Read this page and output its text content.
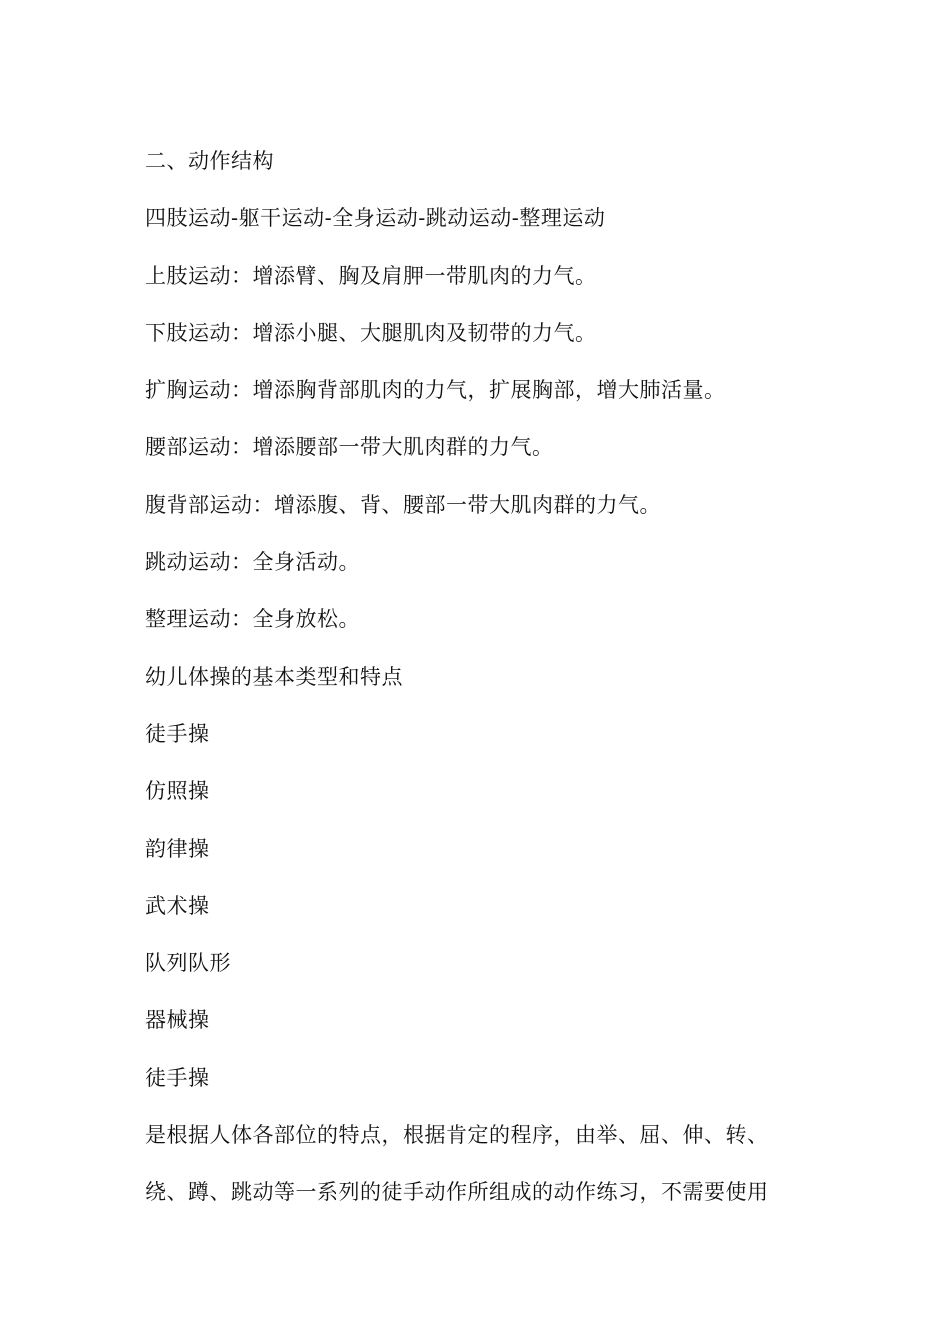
二、动作结构
四肢运动-躯干运动-全身运动-跳动运动-整理运动
上肢运动：增添臂、胸及肩胛一带肌肉的力气。
下肢运动：增添小腿、大腿肌肉及韧带的力气。
扩胸运动：增添胸背部肌肉的力气，扩展胸部，增大肺活量。
腰部运动：增添腰部一带大肌肉群的力气。
腹背部运动：增添腹、背、腰部一带大肌肉群的力气。
跳动运动：全身活动。
整理运动：全身放松。
幼儿体操的基本类型和特点
徒手操
仿照操
韵律操
武术操
队列队形
器械操
徒手操
是根据人体各部位的特点，根据肯定的程序，由举、屈、伸、转、
绕、蹲、跳动等一系列的徒手动作所组成的动作练习，不需要使用
